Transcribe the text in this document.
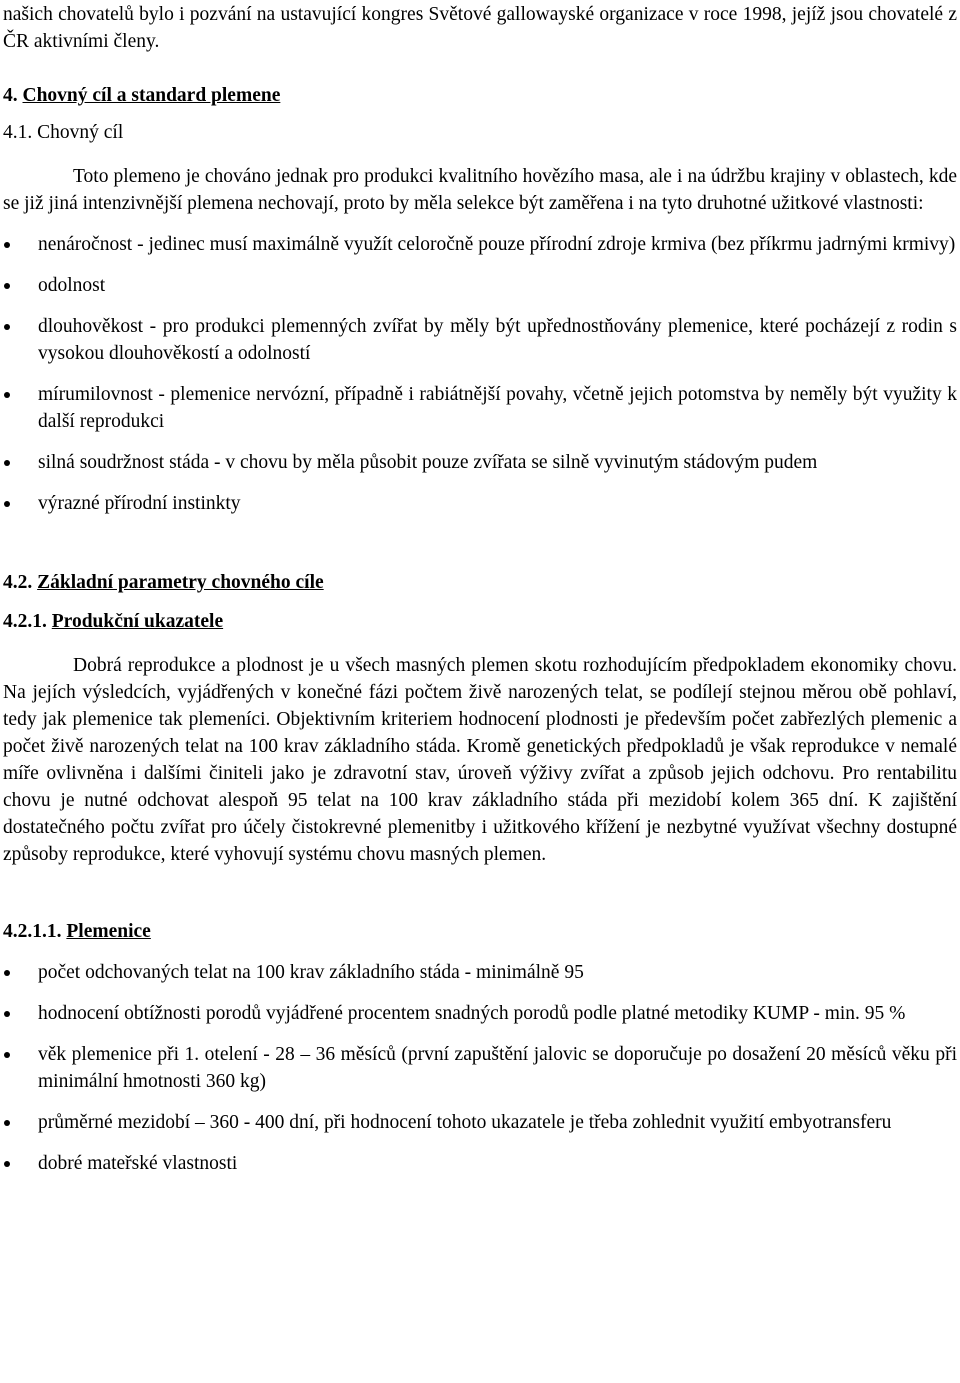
našich chovatelů bylo i pozvání na ustavující kongres Světové gallowayské organizace v roce 1998, jejíž jsou chovatelé z ČR aktivními členy.

4. Chovný cíl a standard plemene
4.1. Chovný cíl

Toto plemeno je chováno jednak pro produkci kvalitního hovězího masa, ale i na údržbu krajiny v oblastech, kde se již jiná intenzivnější plemena nechovají, proto by měla selekce být zaměřena i na tyto druhotné užitkové vlastnosti:

nenáročnost - jedinec musí maximálně využít celoročně pouze přírodní zdroje krmiva (bez příkrmu jadrnými krmivy)
odolnost
dlouhověkost - pro produkci plemenných zvířat by měly být upřednostňovány plemenice, které pocházejí z rodin s vysokou dlouhověkostí a odolností
mírumilovnost - plemenice nervózní, případně i rabiátnější povahy, včetně jejich potomstva by neměly být využity k další reprodukci
silná soudržnost stáda - v chovu by měla působit pouze zvířata se silně vyvinutým stádovým pudem
výrazné přírodní instinkty
4.2. Základní parametry chovného cíle
4.2.1. Produkční ukazatele

Dobrá reprodukce a plodnost je u všech masných plemen skotu rozhodujícím předpokladem ekonomiky chovu. Na jejích výsledcích, vyjádřených v konečné fázi počtem živě narozených telat, se podílejí stejnou měrou obě pohlaví, tedy jak plemenice tak plemeníci. Objektivním kriteriem hodnocení plodnosti je především počet zabřezlých plemenic a počet živě narozených telat na 100 krav základního stáda. Kromě genetických předpokladů je však reprodukce v nemalé míře ovlivněna i dalšími činiteli jako je zdravotní stav, úroveň výživy zvířat a způsob jejich odchovu. Pro rentabilitu chovu je nutné odchovat alespoň 95 telat na 100 krav základního stáda při mezidobí kolem 365 dní. K zajištění dostatečného počtu zvířat pro účely čistokrevné plemenitby i užitkového křížení je nezbytné využívat všechny dostupné způsoby reprodukce, které vyhovují systému chovu masných plemen.

4.2.1.1. Plemenice
počet odchovaných telat na 100 krav základního stáda - minimálně 95
hodnocení obtížnosti porodů vyjádřené procentem snadných porodů podle platné metodiky KUMP - min. 95 %
věk plemenice při 1. otelení - 28 – 36 měsíců (první zapuštění jalovic se doporučuje po dosažení 20 měsíců věku při minimální hmotnosti 360 kg)
průměrné mezidobí – 360 - 400 dní, při hodnocení tohoto ukazatele je třeba zohlednit využití embyotransferu
dobré mateřské vlastnosti
